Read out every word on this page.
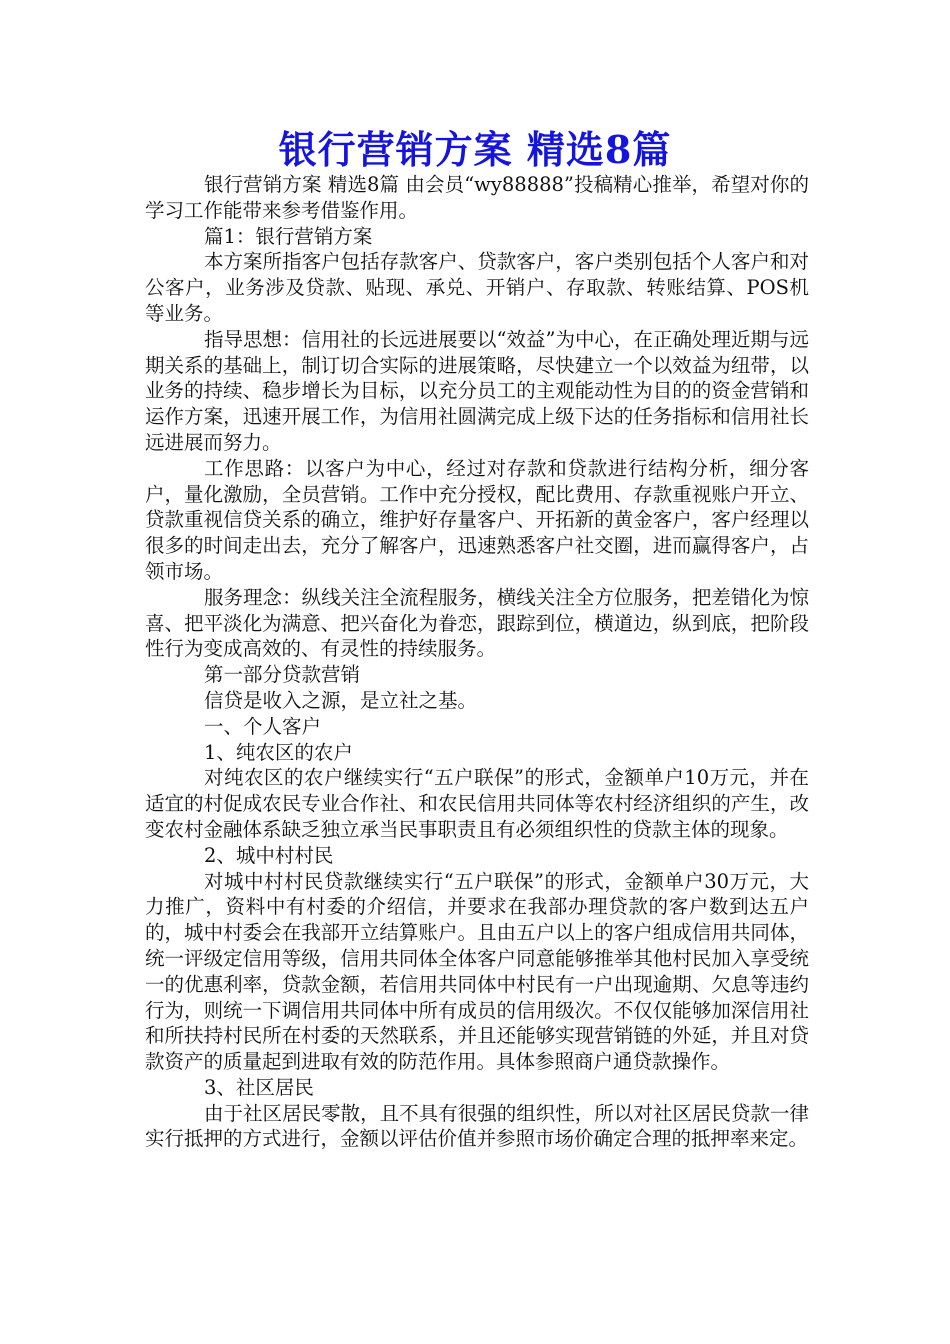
银行营销方案 精选8篇

银行营销方案 精选8篇 由会员“wy88888”投稿精心推举，希望对你的学习工作能带来参考借鉴作用。

篇1：银行营销方案

本方案所指客户包括存款客户、贷款客户，客户类别包括个人客户和对公客户，业务涉及贷款、贴现、承兑、开销户、存取款、转账结算、POS机等业务。

指导思想：信用社的长远进展要以“效益”为中心，在正确处理近期与远期关系的基础上，制订切合实际的进展策略，尽快建立一个以效益为纽带，以业务的持续、稳步增长为目标，以充分员工的主观能动性为目的的资金营销和运作方案，迅速开展工作，为信用社圆满完成上级下达的任务指标和信用社长远进展而努力。

工作思路：以客户为中心，经过对存款和贷款进行结构分析，细分客户，量化激励，全员营销。工作中充分授权，配比费用、存款重视账户开立、贷款重视信贷关系的确立，维护好存量客户、开拓新的黄金客户，客户经理以很多的时间走出去，充分了解客户，迅速熟悉客户社交圈，进而赢得客户，占领市场。

服务理念：纵线关注全流程服务，横线关注全方位服务，把差错化为惊喜、把平淡化为满意、把兴奋化为眷恋，跟踪到位，横道边，纵到底，把阶段性行为变成高效的、有灵性的持续服务。

第一部分贷款营销

信贷是收入之源，是立社之基。

一、个人客户

1、纯农区的农户

对纯农区的农户继续实行“五户联保”的形式，金额单户10万元，并在适宜的村促成农民专业合作社、和农民信用共同体等农村经济组织的产生，改变农村金融体系缺乏独立承当民事职责且有必须组织性的贷款主体的现象。

2、城中村村民

对城中村村民贷款继续实行“五户联保”的形式，金额单户30万元，大力推广，资料中有村委的介绍信，并要求在我部办理贷款的客户数到达五户的，城中村委会在我部开立结算账户。且由五户以上的客户组成信用共同体，统一评级定信用等级，信用共同体全体客户同意能够推举其他村民加入享受统一的优惠利率，贷款金额，若信用共同体中村民有一户出现逾期、欠息等违约行为，则统一下调信用共同体中所有成员的信用级次。不仅仅能够加深信用社和所扶持村民所在村委的天然联系，并且还能够实现营销链的外延，并且对贷款资产的质量起到进取有效的防范作用。具体参照商户通贷款操作。

3、社区居民

由于社区居民零散，且不具有很强的组织性，所以对社区居民贷款一律实行抵押的方式进行，金额以评估价值并参照市场价确定合理的抵押率来定。
